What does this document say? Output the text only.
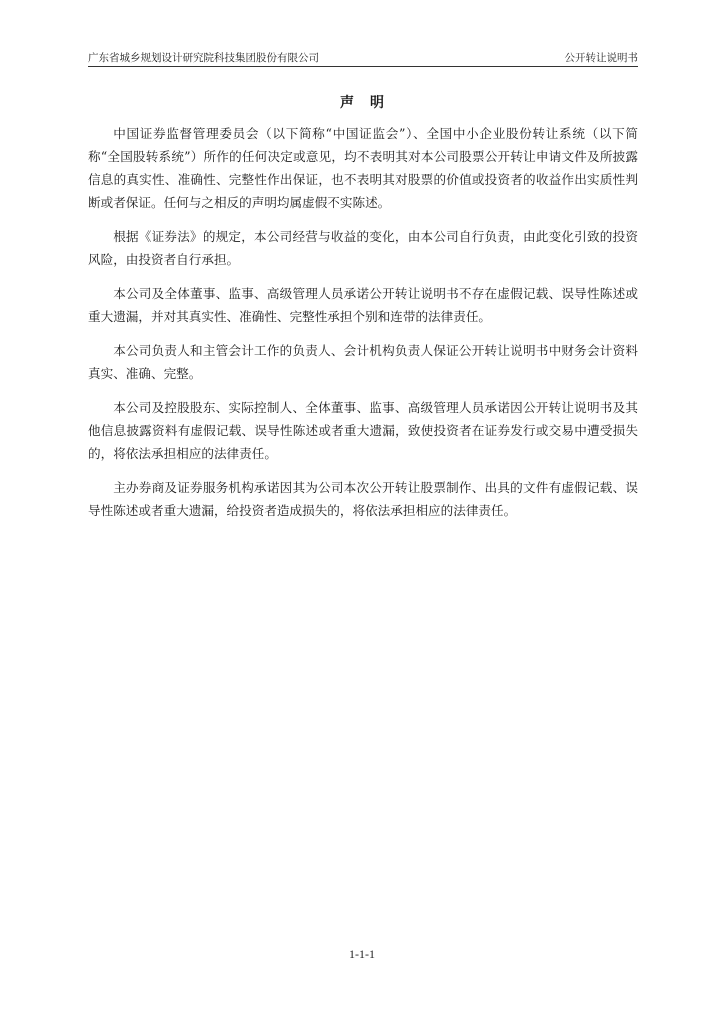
广东省城乡规划设计研究院科技集团股份有限公司	公开转让说明书
声明

中国证券监督管理委员会（以下简称“中国证监会”）、全国中小企业股份转让系统（以下简称“全国股转系统”）所作的任何决定或意见，均不表明其对本公司股票公开转让申请文件及所披露信息的真实性、准确性、完整性作出保证，也不表明其对股票的价值或投资者的收益作出实质性判断或者保证。任何与之相反的声明均属虚假不实陈述。

根据《证券法》的规定，本公司经营与收益的变化，由本公司自行负责，由此变化引致的投资风险，由投资者自行承担。

本公司及全体董事、监事、高级管理人员承诺公开转让说明书不存在虚假记载、误导性陈述或重大遗漏，并对其真实性、准确性、完整性承担个别和连带的法律责任。

本公司负责人和主管会计工作的负责人、会计机构负责人保证公开转让说明书中财务会计资料真实、准确、完整。

本公司及控股股东、实际控制人、全体董事、监事、高级管理人员承诺因公开转让说明书及其他信息披露资料有虚假记载、误导性陈述或者重大遗漏，致使投资者在证券发行或交易中遭受损失的，将依法承担相应的法律责任。

主办券商及证券服务机构承诺因其为公司本次公开转让股票制作、出具的文件有虚假记载、误导性陈述或者重大遗漏，给投资者造成损失的，将依法承担相应的法律责任。

1-1-1
